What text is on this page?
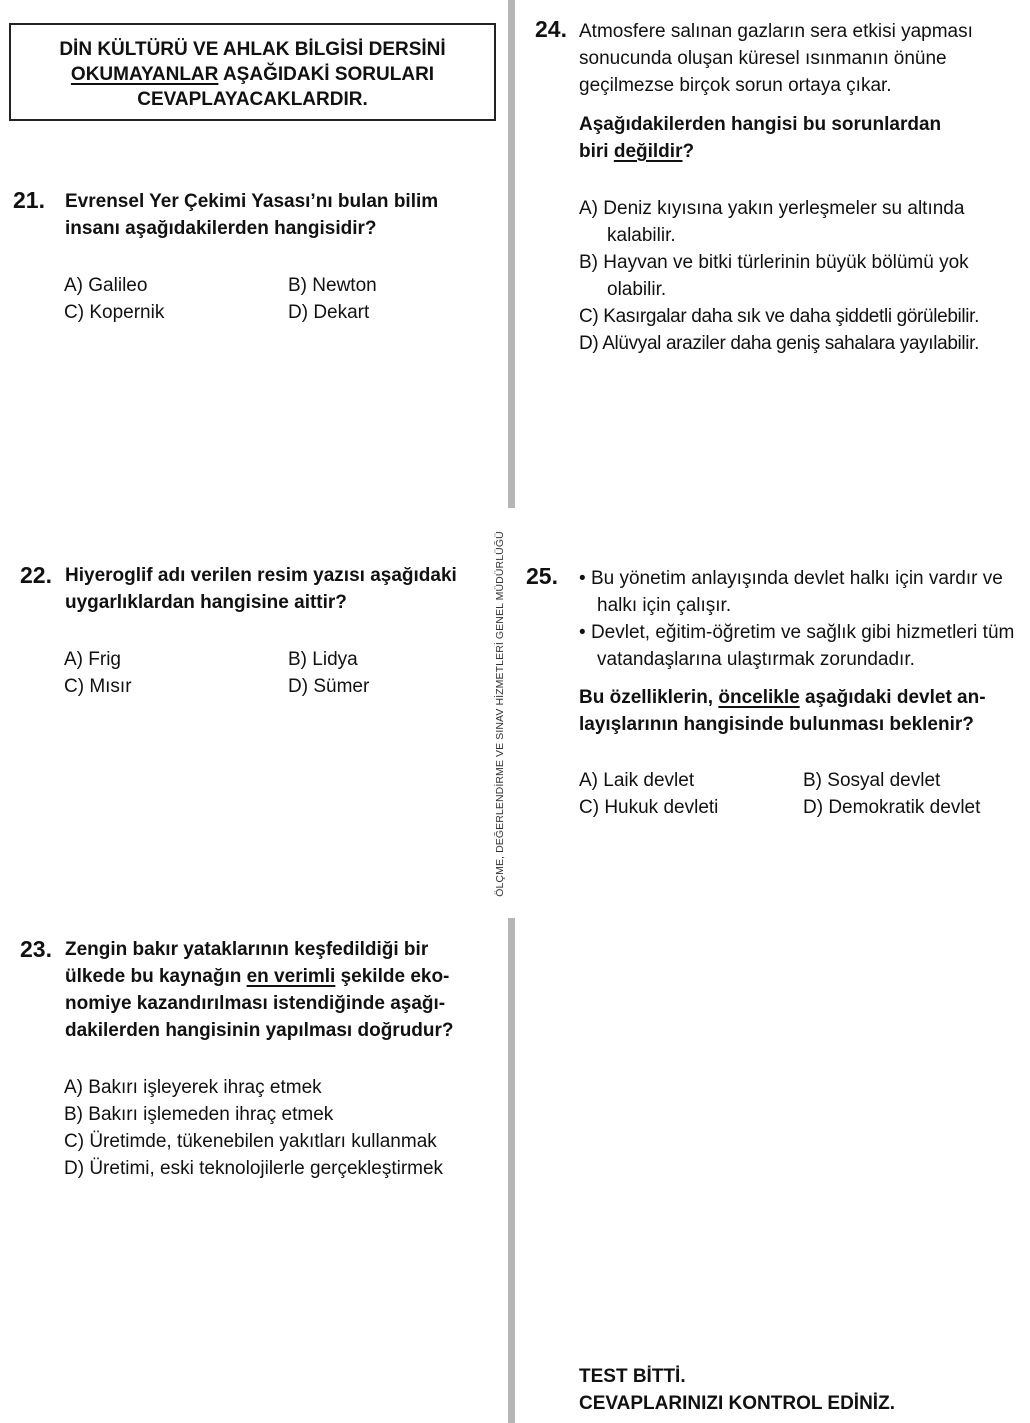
DİN KÜLTÜRÜ VE AHLAK BİLGİSİ DERSİNİ
OKUMAYANLAR AŞAĞIDAKİ SORULARI
CEVAPLAYACAKLARDIR.
ÖLÇME, DEĞERLENDİRME VE SINAV HİZMETLERİ GENEL MÜDÜRLÜĞÜ
21. Evrensel Yer Çekimi Yasası’nı bulan bilim
insanı aşağıdakilerden hangisidir?
A) Galileo	B) Newton
C) Kopernik	D) Dekart
22. Hiyeroglif adı verilen resim yazısı aşağıdaki
uygarlıklardan hangisine aittir?
A) Frig	B) Lidya
C) Mısır	D) Sümer
23. Zengin bakır yataklarının keşfedildiği bir
ülkede bu kaynağın en verimli şekilde eko-
nomiye kazandırılması istendiğinde aşağı-
dakilerden hangisinin yapılması doğrudur?
A) Bakırı işleyerek ihraç etmek
B) Bakırı işlemeden ihraç etmek
C) Üretimde, tükenebilen yakıtları kullanmak
D) Üretimi, eski teknolojilerle gerçekleştirmek
24. Atmosfere salınan gazların sera etkisi yapması
sonucunda oluşan küresel ısınmanın önüne
geçilmezse birçok sorun ortaya çıkar.
Aşağıdakilerden hangisi bu sorunlardan
biri değildir?
A) Deniz kıyısına yakın yerleşmeler su altında kalabilir.
B) Hayvan ve bitki türlerinin büyük bölümü yok olabilir.
C) Kasırgalar daha sık ve daha şiddetli görülebilir.
D) Alüvyal araziler daha geniş sahalara yayılabilir.
25. • Bu yönetim anlayışında devlet halkı için vardır ve halkı için çalışır.
• Devlet, eğitim-öğretim ve sağlık gibi hizmetleri tüm vatandaşlarına ulaştırmak zorundadır.
Bu özelliklerin, öncelikle aşağıdaki devlet an-
layışlarının hangisinde bulunması beklenir?
A) Laik devlet	B) Sosyal devlet
C) Hukuk devleti	D) Demokratik devlet
TEST BİTTİ.
CEVAPLARINIZI KONTROL EDİNİZ.
